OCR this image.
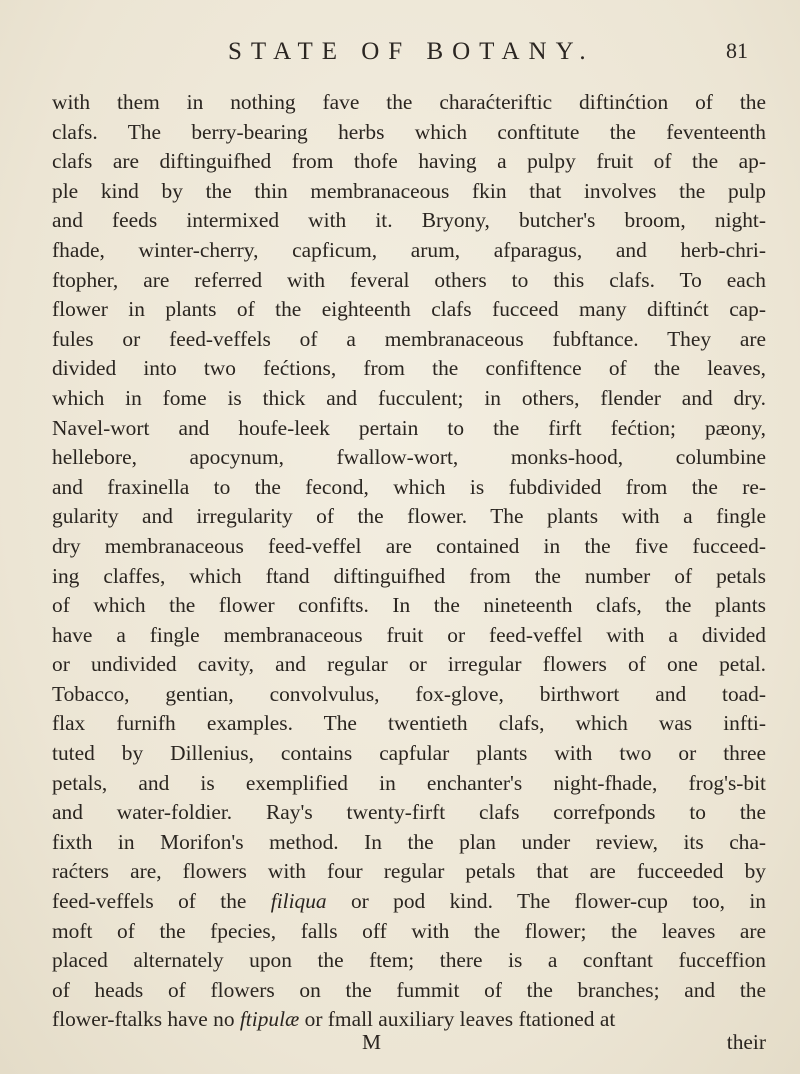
STATE OF BOTANY.	81
with them in nothing fave the charaćteriftic diftinćtion of the
clafs. The berry-bearing herbs which conftitute the feventeenth
clafs are diftinguifhed from thofe having a pulpy fruit of the ap-
ple kind by the thin membranaceous fkin that involves the pulp
and feeds intermixed with it. Bryony, butcher's broom, night-
fhade, winter-cherry, capficum, arum, afparagus, and herb-chri-
ftopher, are referred with feveral others to this clafs. To each
flower in plants of the eighteenth clafs fucceed many diftinćt cap-
fules or feed-veffels of a membranaceous fubftance. They are
divided into two fećtions, from the confiftence of the leaves,
which in fome is thick and fucculent; in others, flender and dry.
Navel-wort and houfe-leek pertain to the firft fećtion; pæony,
hellebore, apocynum, fwallow-wort, monks-hood, columbine
and fraxinella to the fecond, which is fubdivided from the re-
gularity and irregularity of the flower. The plants with a fingle
dry membranaceous feed-veffel are contained in the five fucceed-
ing claffes, which ftand diftinguifhed from the number of petals
of which the flower confifts. In the nineteenth clafs, the plants
have a fingle membranaceous fruit or feed-veffel with a divided
or undivided cavity, and regular or irregular flowers of one petal.
Tobacco, gentian, convolvulus, fox-glove, birthwort and toad-
flax furnifh examples. The twentieth clafs, which was infti-
tuted by Dillenius, contains capfular plants with two or three
petals, and is exemplified in enchanter's night-fhade, frog's-bit
and water-foldier. Ray's twenty-firft clafs correfponds to the
fixth in Morifon's method. In the plan under review, its cha-
raćters are, flowers with four regular petals that are fucceeded by
feed-veffels of the filiqua or pod kind. The flower-cup too, in
moft of the fpecies, falls off with the flower; the leaves are
placed alternately upon the ftem; there is a conftant fucceffion
of heads of flowers on the fummit of the branches; and the
flower-ftalks have no ftipulæ or fmall auxiliary leaves ftationed at
M	their
